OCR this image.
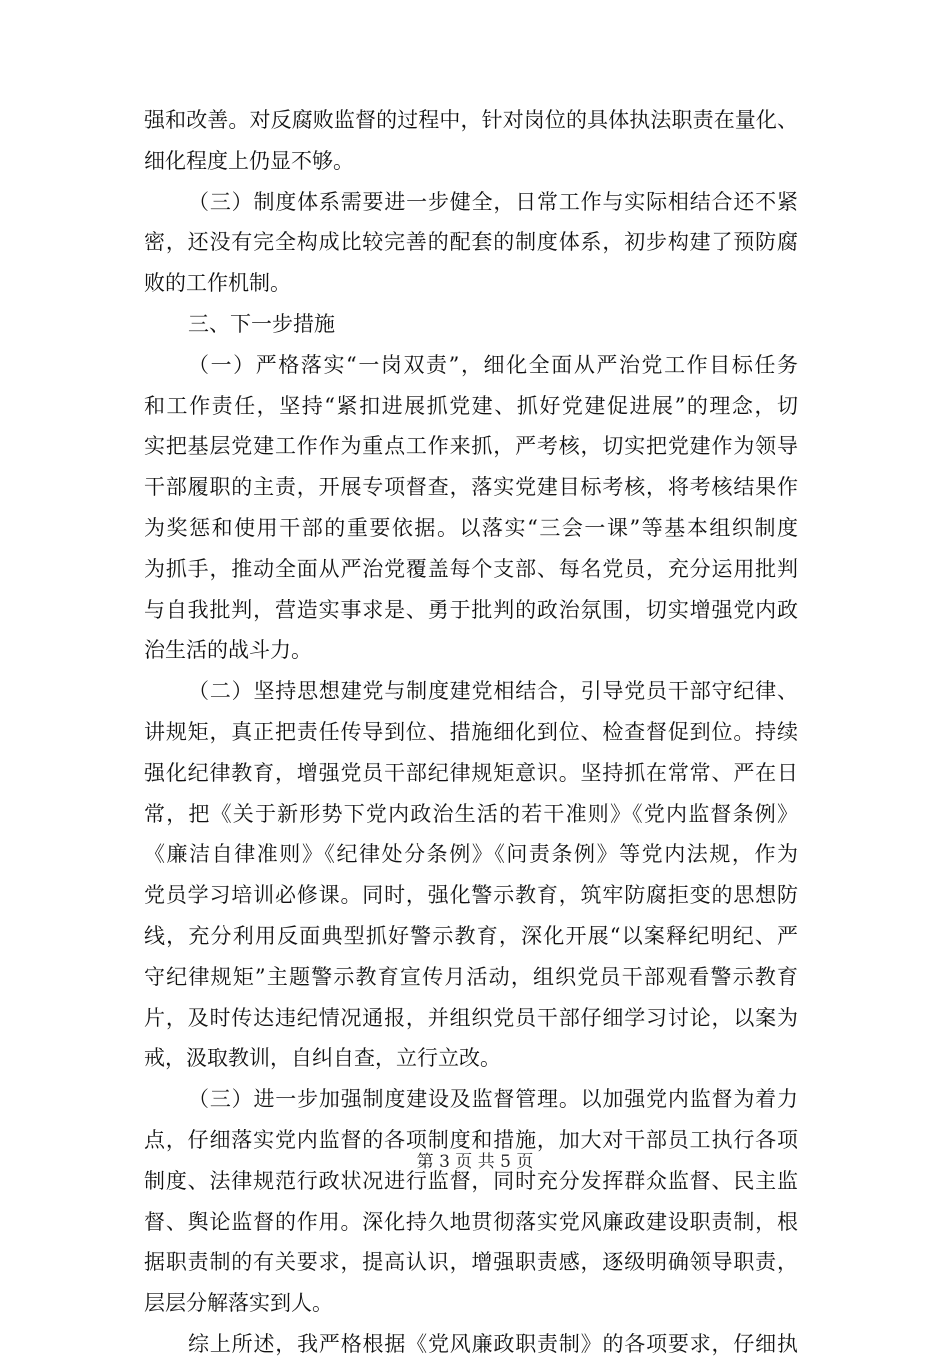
强和改善。对反腐败监督的过程中，针对岗位的具体执法职责在量化、
细化程度上仍显不够。
（三）制度体系需要进一步健全，日常工作与实际相结合还不紧
密，还没有完全构成比较完善的配套的制度体系，初步构建了预防腐
败的工作机制。
三、下一步措施
（一）严格落实“一岗双责”，细化全面从严治党工作目标任务
和工作责任，坚持“紧扣进展抓党建、抓好党建促进展”的理念，切
实把基层党建工作作为重点工作来抓，严考核，切实把党建作为领导
干部履职的主责，开展专项督查，落实党建目标考核，将考核结果作
为奖惩和使用干部的重要依据。以落实“三会一课”等基本组织制度
为抓手，推动全面从严治党覆盖每个支部、每名党员，充分运用批判
与自我批判，营造实事求是、勇于批判的政治氛围，切实增强党内政
治生活的战斗力。
（二）坚持思想建党与制度建党相结合，引导党员干部守纪律、
讲规矩，真正把责任传导到位、措施细化到位、检查督促到位。持续
强化纪律教育，增强党员干部纪律规矩意识。坚持抓在常常、严在日
常，把《关于新形势下党内政治生活的若干准则》《党内监督条例》
《廉洁自律准则》《纪律处分条例》《问责条例》等党内法规，作为
党员学习培训必修课。同时，强化警示教育，筑牢防腐拒变的思想防
线，充分利用反面典型抓好警示教育，深化开展“以案释纪明纪、严
守纪律规矩”主题警示教育宣传月活动，组织党员干部观看警示教育
片，及时传达违纪情况通报，并组织党员干部仔细学习讨论，以案为
戒，汲取教训，自纠自查，立行立改。
（三）进一步加强制度建设及监督管理。以加强党内监督为着力
点，仔细落实党内监督的各项制度和措施，加大对干部员工执行各项
制度、法律规范行政状况进行监督，同时充分发挥群众监督、民主监
督、舆论监督的作用。深化持久地贯彻落实党风廉政建设职责制，根
据职责制的有关要求，提高认识，增强职责感，逐级明确领导职责，
层层分解落实到人。
综上所述，我严格根据《党风廉政职责制》的各项要求，仔细执
第 3 页 共 5 页
